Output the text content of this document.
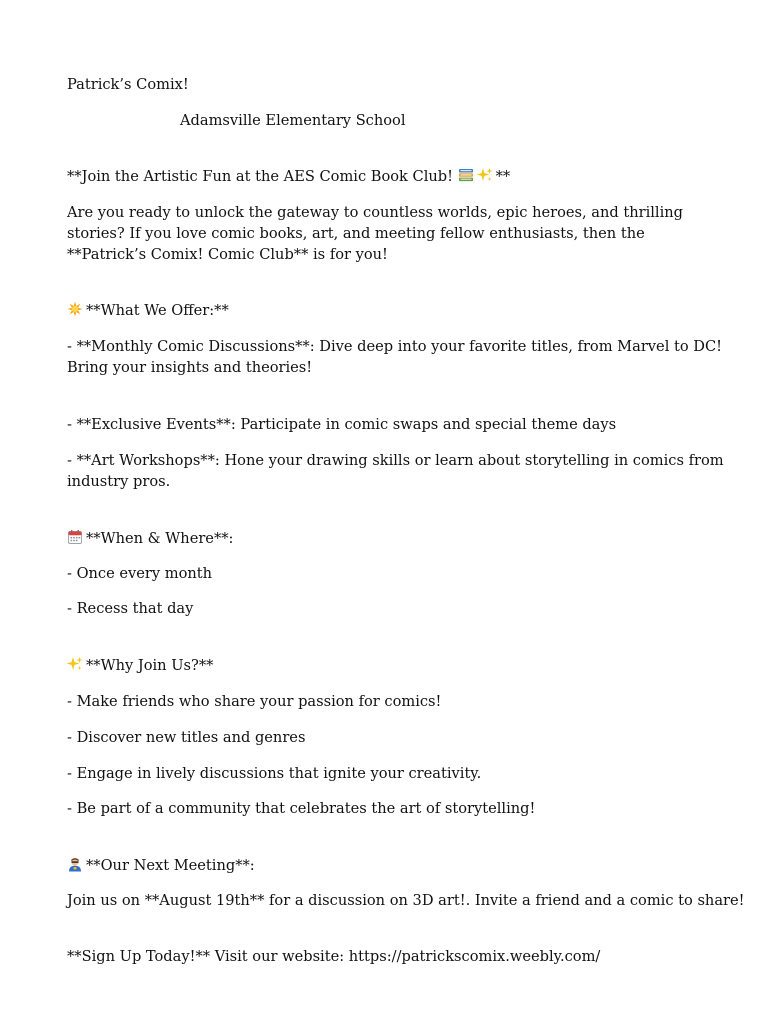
Patrick’s Comix!
Adamsville Elementary School
**Join the Artistic Fun at the AES Comic Book Club!	**
Are you ready to unlock the gateway to countless worlds, epic heroes, and thrilling stories? If you love comic books, art, and meeting fellow enthusiasts, then the **Patrick’s Comix! Comic Club** is for you!
**What We Offer:**
- **Monthly Comic Discussions**: Dive deep into your favorite titles, from Marvel to DC! Bring your insights and theories!
- **Exclusive Events**: Participate in comic swaps and special theme days
- **Art Workshops**: Hone your drawing skills or learn about storytelling in comics from industry pros.
**When & Where**:
- Once every month
- Recess that day
**Why Join Us?**
- Make friends who share your passion for comics!
- Discover new titles and genres
- Engage in lively discussions that ignite your creativity.
- Be part of a community that celebrates the art of storytelling!
**Our Next Meeting**:
Join us on **August 19th** for a discussion on 3D art!. Invite a friend and a comic to share!
**Sign Up Today!** Visit our website: https://patrickscomix.weebly.com/
